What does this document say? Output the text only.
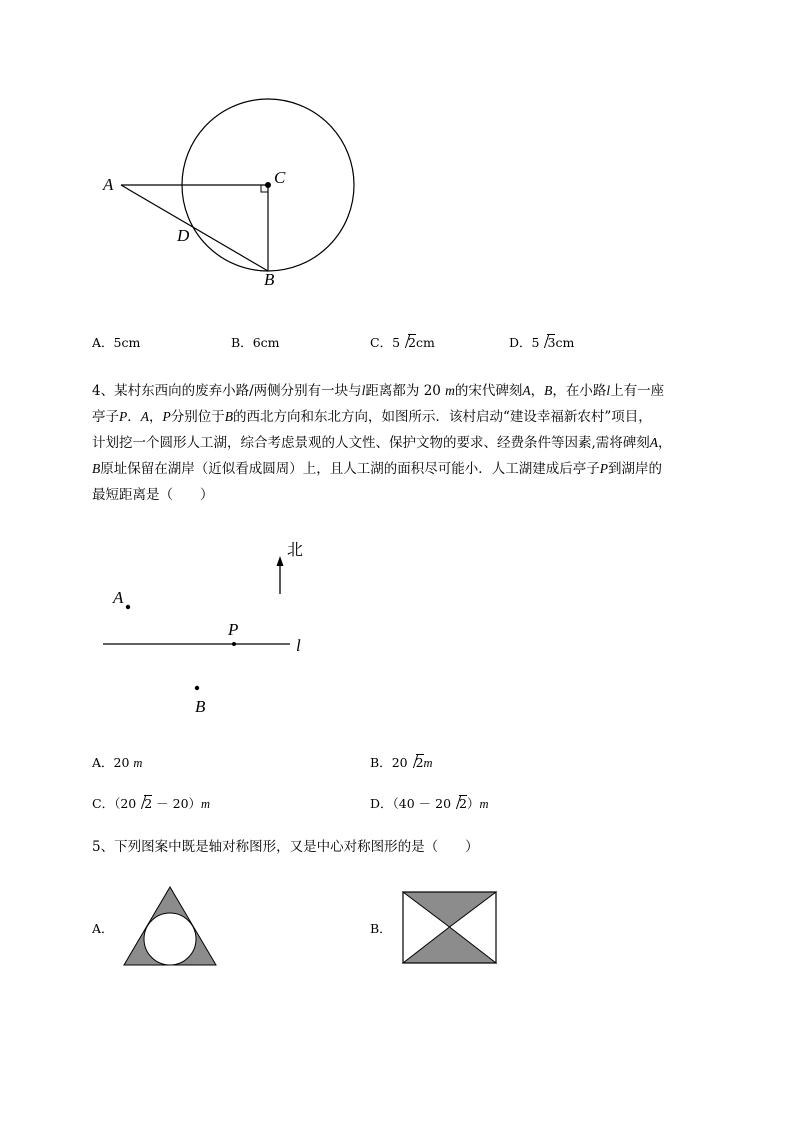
A	C
D
B
A．5cm	B．6cm	C．5 2cm	D．5 3cm
4、某村东西向的废弃小路/两侧分别有一块与l距离都为 20 m的宋代碑刻A，B，在小路l上有一座
亭子P．A，P分别位于B的西北方向和东北方向，如图所示．该村启动“建设幸福新农村”项目，
计划挖一个圆形人工湖，综合考虑景观的人文性、保护文物的要求、经费条件等因素,需将碑刻A，
B原址保留在湖岸（近似看成圆周）上，且人工湖的面积尽可能小．人工湖建成后亭子P到湖岸的
最短距离是（　　）
北
A
P
l
B
A．20 m	B．20 2m
C．（20 2 － 20）m	D．（40 － 20 2）m
5、下列图案中既是轴对称图形，又是中心对称图形的是（　　）
A．	B．
